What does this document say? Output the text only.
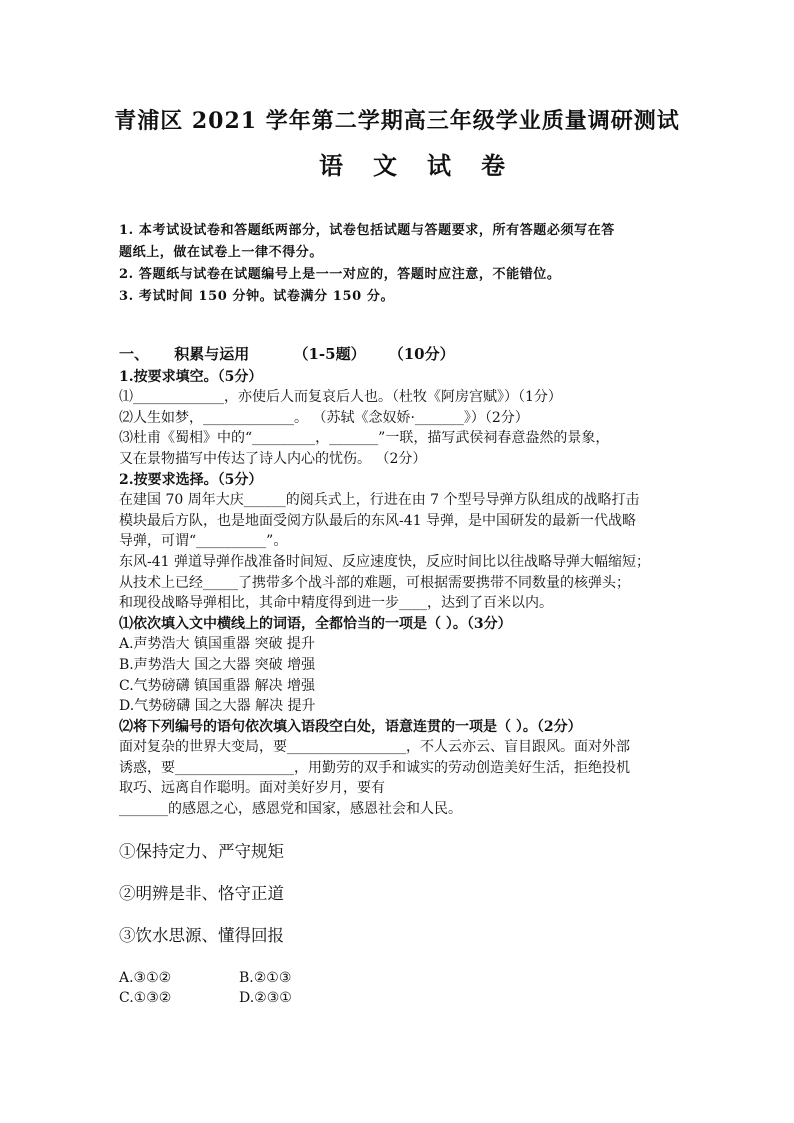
青浦区 2021 学年第二学期高三年级学业质量调研测试
语文试卷

1. 本考试设试卷和答题纸两部分，试卷包括试题与答题要求，所有答题必须写在答

题纸上，做在试卷上一律不得分。

2. 答题纸与试卷在试题编号上是一一对应的，答题时应注意，不能错位。

3. 考试时间 150 分钟。试卷满分 150 分。

一、 积累与运用	（1-5题） （10分）

1.按要求填空。（5分）

⑴_____________，亦使后人而复哀后人也。（杜牧《阿房宫赋》）（1分）

⑵人生如梦，_____________。 （苏轼《念奴娇·_______》）（2分）

⑶杜甫《蜀相》中的“_________，_______”一联，描写武侯祠春意盎然的景象，

又在景物描写中传达了诗人内心的忧伤。 （2分）

2.按要求选择。（5分）

在建国 70 周年大庆______的阅兵式上，行进在由 7 个型号导弹方队组成的战略打击

模块最后方队，也是地面受阅方队最后的东风-41 导弹，是中国研发的最新一代战略

导弹，可谓“__________”。

东风-41 弹道导弹作战准备时间短、反应速度快，反应时间比以往战略导弹大幅缩短；

从技术上已经_____了携带多个战斗部的难题，可根据需要携带不同数量的核弹头；

和现役战略导弹相比，其命中精度得到进一步____，达到了百米以内。

⑴依次填入文中横线上的词语，全都恰当的一项是（ ）。（3分）

A.声势浩大 镇国重器 突破 提升

B.声势浩大 国之大器 突破 增强

C.气势磅礴 镇国重器 解决 增强

D.气势磅礴 国之大器 解决 提升

⑵将下列编号的语句依次填入语段空白处，语意连贯的一项是（ ）。（2分）

面对复杂的世界大变局，要_________________，不人云亦云、盲目跟风。面对外部

诱惑，要_________________，用勤劳的双手和诚实的劳动创造美好生活，拒绝投机

取巧、远离自作聪明。面对美好岁月，要有

_______的感恩之心，感恩党和国家，感恩社会和人民。

①保持定力、严守规矩

②明辨是非、恪守正道

③饮水思源、懂得回报

A.③①②	B.②①③
C.①③②	D.②③①
